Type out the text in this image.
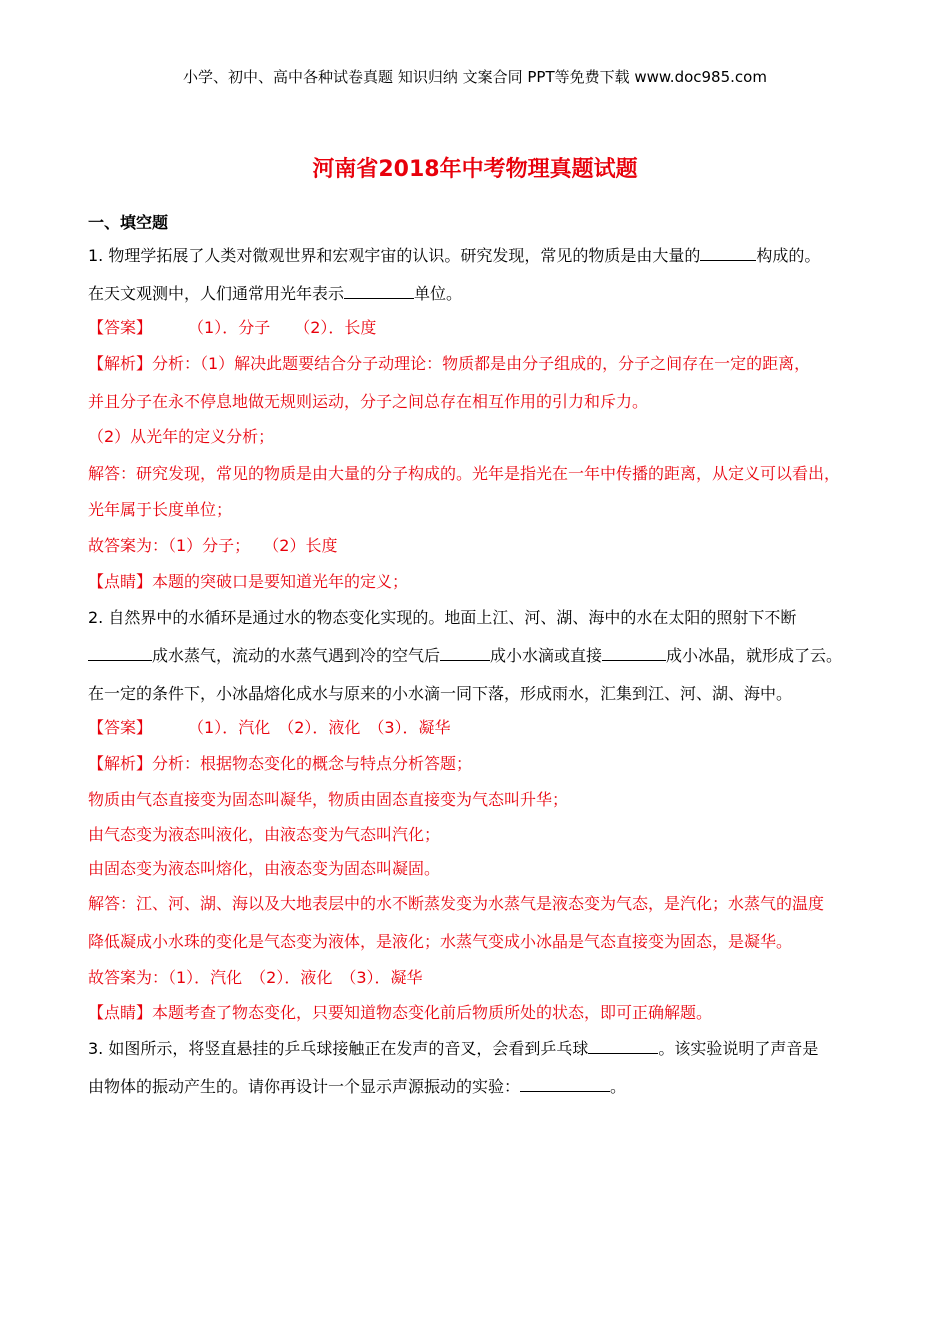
小学、初中、高中各种试卷真题 知识归纳 文案合同 PPT等免费下载 www.doc985.com
河南省2018年中考物理真题试题
一、填空题
1. 物理学拓展了人类对微观世界和宏观宇宙的认识。研究发现，常见的物质是由大量的	构成的。
在天文观测中，人们通常用光年表示	单位。
【答案】 （1）．分子　　（2）．长度
【解析】分析：（1）解决此题要结合分子动理论：物质都是由分子组成的，分子之间存在一定的距离，
并且分子在永不停息地做无规则运动，分子之间总存在相互作用的引力和斥力。
（2）从光年的定义分析；
解答：研究发现，常见的物质是由大量的分子构成的。光年是指光在一年中传播的距离，从定义可以看出，
光年属于长度单位；
故答案为：（1）分子；　 （2）长度
【点睛】本题的突破口是要知道光年的定义；
2. 自然界中的水循环是通过水的物态变化实现的。地面上江、河、湖、海中的水在太阳的照射下不断
成水蒸气，流动的水蒸气遇到冷的空气后	成小水滴或直接	成小冰晶，就形成了云。
在一定的条件下，小冰晶熔化成水与原来的小水滴一同下落，形成雨水，汇集到江、河、湖、海中。
【答案】 （1）．汽化　（2）．液化　（3）．凝华
【解析】分析：根据物态变化的概念与特点分析答题；
物质由气态直接变为固态叫凝华，物质由固态直接变为气态叫升华；
由气态变为液态叫液化，由液态变为气态叫汽化；
由固态变为液态叫熔化，由液态变为固态叫凝固。
解答：江、河、湖、海以及大地表层中的水不断蒸发变为水蒸气是液态变为气态，是汽化；水蒸气的温度
降低凝成小水珠的变化是气态变为液体，是液化；水蒸气变成小冰晶是气态直接变为固态，是凝华。
故答案为：（1）．汽化　（2）．液化　（3）．凝华
【点睛】本题考查了物态变化，只要知道物态变化前后物质所处的状态，即可正确解题。
3. 如图所示，将竖直悬挂的乒乓球接触正在发声的音叉，会看到乒乓球	。该实验说明了声音是
由物体的振动产生的。请你再设计一个显示声源振动的实验：	。
